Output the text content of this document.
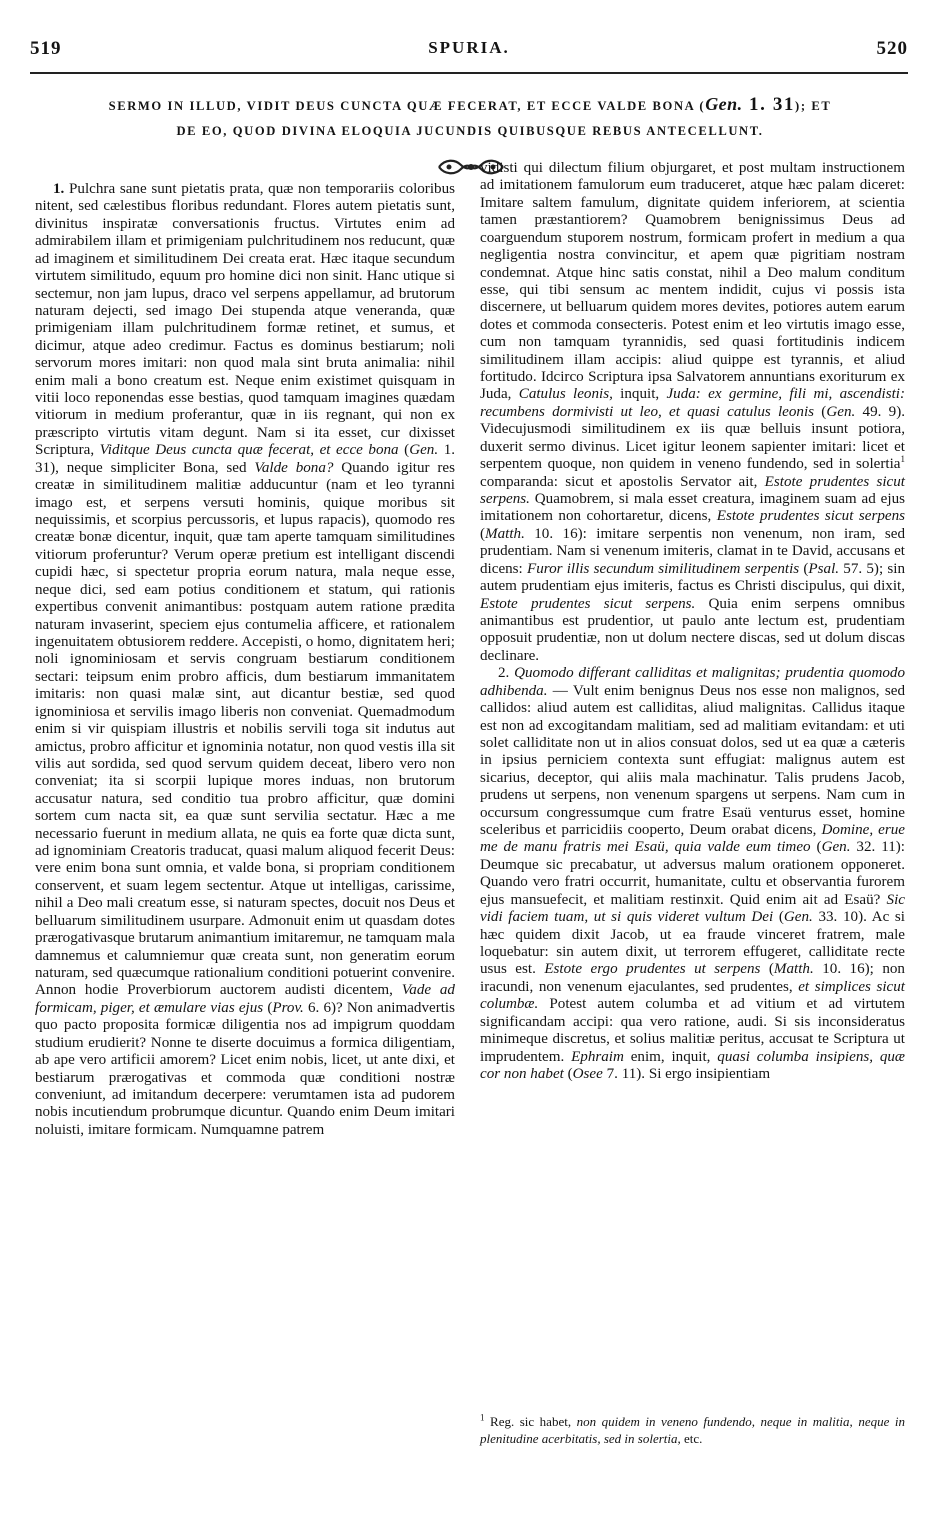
519	SPURIA.	520
SERMO IN ILLUD, VIDIT DEUS CUNCTA QUÆ FECERAT, ET ECCE VALDE BONA (Gen. 1. 31); ET
DE EO, QUOD DIVINA ELOQUIA JUCUNDIS QUIBUSQUE REBUS ANTECELLUNT.

1. Pulchra sane sunt pietatis prata, quæ non temporariis coloribus nitent, sed cælestibus floribus redundant. Flores autem pietatis sunt, divinitus inspiratæ conversationis fructus. Virtutes enim ad admirabilem illam et primigeniam pulchritudinem nos reducunt, quæ ad imaginem et similitudinem Dei creata erat. Hæc itaque secundum virtutem similitudo, equum pro homine dici non sinit. Hanc utique si sectemur, non jam lupus, draco vel serpens appellamur, ad brutorum naturam dejecti, sed imago Dei stupenda atque veneranda, quæ primigeniam illam pulchritudinem formæ retinet, et sumus, et dicimur, atque adeo credimur. Factus es dominus bestiarum; noli servorum mores imitari: non quod mala sint bruta animalia: nihil enim mali a bono creatum est. Neque enim existimet quisquam in vitii loco reponendas esse bestias, quod tamquam imagines quædam vitiorum in medium proferantur, quæ in iis regnant, qui non ex præscripto virtutis vitam degunt. Nam si ita esset, cur dixisset Scriptura, Viditque Deus cuncta quæ fecerat, et ecce bona (Gen. 1. 31), neque simpliciter Bona, sed Valde bona? Quando igitur res creatæ in similitudinem malitiæ adducuntur (nam et leo tyranni imago est, et serpens versuti hominis, quique moribus sit nequissimis, et scorpius percussoris, et lupus rapacis), quomodo res creatæ bonæ dicentur, inquit, quæ tam aperte tamquam similitudines vitiorum proferuntur? Verum operæ pretium est intelligant discendi cupidi hæc, si spectetur propria eorum natura, mala neque esse, neque dici, sed eam potius conditionem et statum, qui rationis expertibus convenit animantibus: postquam autem ratione prædita naturam invaserint, speciem ejus contumelia afficere, et rationalem ingenuitatem obtusiorem reddere. Accepisti, o homo, dignitatem heri; noli ignominiosam et servis congruam bestiarum conditionem sectari: teipsum enim probro afficis, dum bestiarum immanitatem imitaris: non quasi malæ sint, aut dicantur bestiæ, sed quod ignominiosa et servilis imago liberis non conveniat. Quemadmodum enim si vir quispiam illustris et nobilis servili toga sit indutus aut amictus, probro afficitur et ignominia notatur, non quod vestis illa sit vilis aut sordida, sed quod servum quidem deceat, libero vero non conveniat; ita si scorpii lupique mores induas, non brutorum accusatur natura, sed conditio tua probro afficitur, quæ domini sortem cum nacta sit, ea quæ sunt servilia sectatur. Hæc a me necessario fuerunt in medium allata, ne quis ea forte quæ dicta sunt, ad ignominiam Creatoris traducat, quasi malum aliquod fecerit Deus: vere enim bona sunt omnia, et valde bona, si propriam conditionem conservent, et suam legem sectentur. Atque ut intelligas, carissime, nihil a Deo mali creatum esse, si naturam spectes, docuit nos Deus et belluarum similitudinem usurpare. Admonuit enim ut quasdam dotes prærogativasque brutarum animantium imitaremur, ne tamquam mala damnemus et calumniemur quæ creata sunt, non generatim eorum naturam, sed quæcumque rationalium conditioni potuerint convenire. Annon hodie Proverbiorum auctorem audisti dicentem, Vade ad formicam, piger, et æmulare vias ejus (Prov. 6. 6)? Non animadvertis quo pacto proposita formicæ diligentia nos ad impigrum quoddam studium erudierit? Nonne te diserte docuimus a formica diligentiam, ab ape vero artificii amorem? Licet enim nobis, licet, ut ante dixi, et bestiarum prærogativas et commoda quæ conditioni nostræ conveniunt, ad imitandum decerpere: verumtamen ista ad pudorem nobis incutiendum probrumque dicuntur. Quando enim Deum imitari noluisti, imitare formicam. Numquamne patrem

vidisti qui dilectum filium objurgaret, et post multam instructionem ad imitationem famulorum eum traduceret, atque hæc palam diceret: Imitare saltem famulum, dignitate quidem inferiorem, at scientia tamen præstantiorem? Quamobrem benignissimus Deus ad coarguendum stuporem nostrum, formicam profert in medium a qua negligentia nostra convincitur, et apem quæ pigritiam nostram condemnat. Atque hinc satis constat, nihil a Deo malum conditum esse, qui tibi sensum ac mentem indidit, cujus vi possis ista discernere, ut belluarum quidem mores devites, potiores autem earum dotes et commoda consecteris. Potest enim et leo virtutis imago esse, cum non tamquam tyrannidis, sed quasi fortitudinis indicem similitudinem illam accipis: aliud quippe est tyrannis, et aliud fortitudo. Idcirco Scriptura ipsa Salvatorem annuntians exoriturum ex Juda, Catulus leonis, inquit, Juda: ex germine, fili mi, ascendisti: recumbens dormivisti ut leo, et quasi catulus leonis (Gen. 49. 9). Videcujusmodi similitudinem ex iis quæ belluis insunt potiora, duxerit sermo divinus. Licet igitur leonem sapienter imitari: licet et serpentem quoque, non quidem in veneno fundendo, sed in solertia$^1$ comparanda: sicut et apostolis Servator ait, Estote prudentes sicut serpens. Quamobrem, si mala esset creatura, imaginem suam ad ejus imitationem non cohortaretur, dicens, Estote prudentes sicut serpens (Matth. 10. 16): imitare serpentis non venenum, non iram, sed prudentiam. Nam si venenum imiteris, clamat in te David, accusans et dicens: Furor illis secundum similitudinem serpentis (Psal. 57. 5); sin autem prudentiam ejus imiteris, factus es Christi discipulus, qui dixit, Estote prudentes sicut serpens. Quia enim serpens omnibus animantibus est prudentior, ut paulo ante lectum est, prudentiam opposuit prudentiæ, non ut dolum nectere discas, sed ut dolum discas declinare.

2. Quomodo differant calliditas et malignitas; prudentia quomodo adhibenda. — Vult enim benignus Deus nos esse non malignos, sed callidos: aliud autem est calliditas, aliud malignitas. Callidus itaque est non ad excogitandam malitiam, sed ad malitiam evitandam: et uti solet calliditate non ut in alios consuat dolos, sed ut ea quæ a cæteris in ipsius perniciem contexta sunt effugiat: malignus autem est sicarius, deceptor, qui aliis mala machinatur. Talis prudens Jacob, prudens ut serpens, non venenum spargens ut serpens. Nam cum in occursum congressumque cum fratre Esaü venturus esset, homine sceleribus et parricidiis cooperto, Deum orabat dicens, Domine, erue me de manu fratris mei Esaü, quia valde eum timeo (Gen. 32. 11): Deumque sic precabatur, ut adversus malum orationem opponeret. Quando vero fratri occurrit, humanitate, cultu et observantia furorem ejus mansuefecit, et malitiam restinxit. Quid enim ait ad Esaü? Sic vidi faciem tuam, ut si quis videret vultum Dei (Gen. 33. 10). Ac si hæc quidem dixit Jacob, ut ea fraude vinceret fratrem, male loquebatur: sin autem dixit, ut terrorem effugeret, calliditate recte usus est. Estote ergo prudentes ut serpens (Matth. 10. 16); non iracundi, non venenum ejaculantes, sed prudentes, et simplices sicut columbæ. Potest autem columba et ad vitium et ad virtutem significandam accipi: qua vero ratione, audi. Si sis inconsideratus minimeque discretus, et solius malitiæ peritus, accusat te Scriptura ut imprudentem. Ephraim enim, inquit, quasi columba insipiens, quæ cor non habet (Osee 7. 11). Si ergo insipientiam

$^1$ Reg. sic habet, non quidem in veneno fundendo, neque in malitia, neque in plenitudine acerbitatis, sed in solertia, etc.
